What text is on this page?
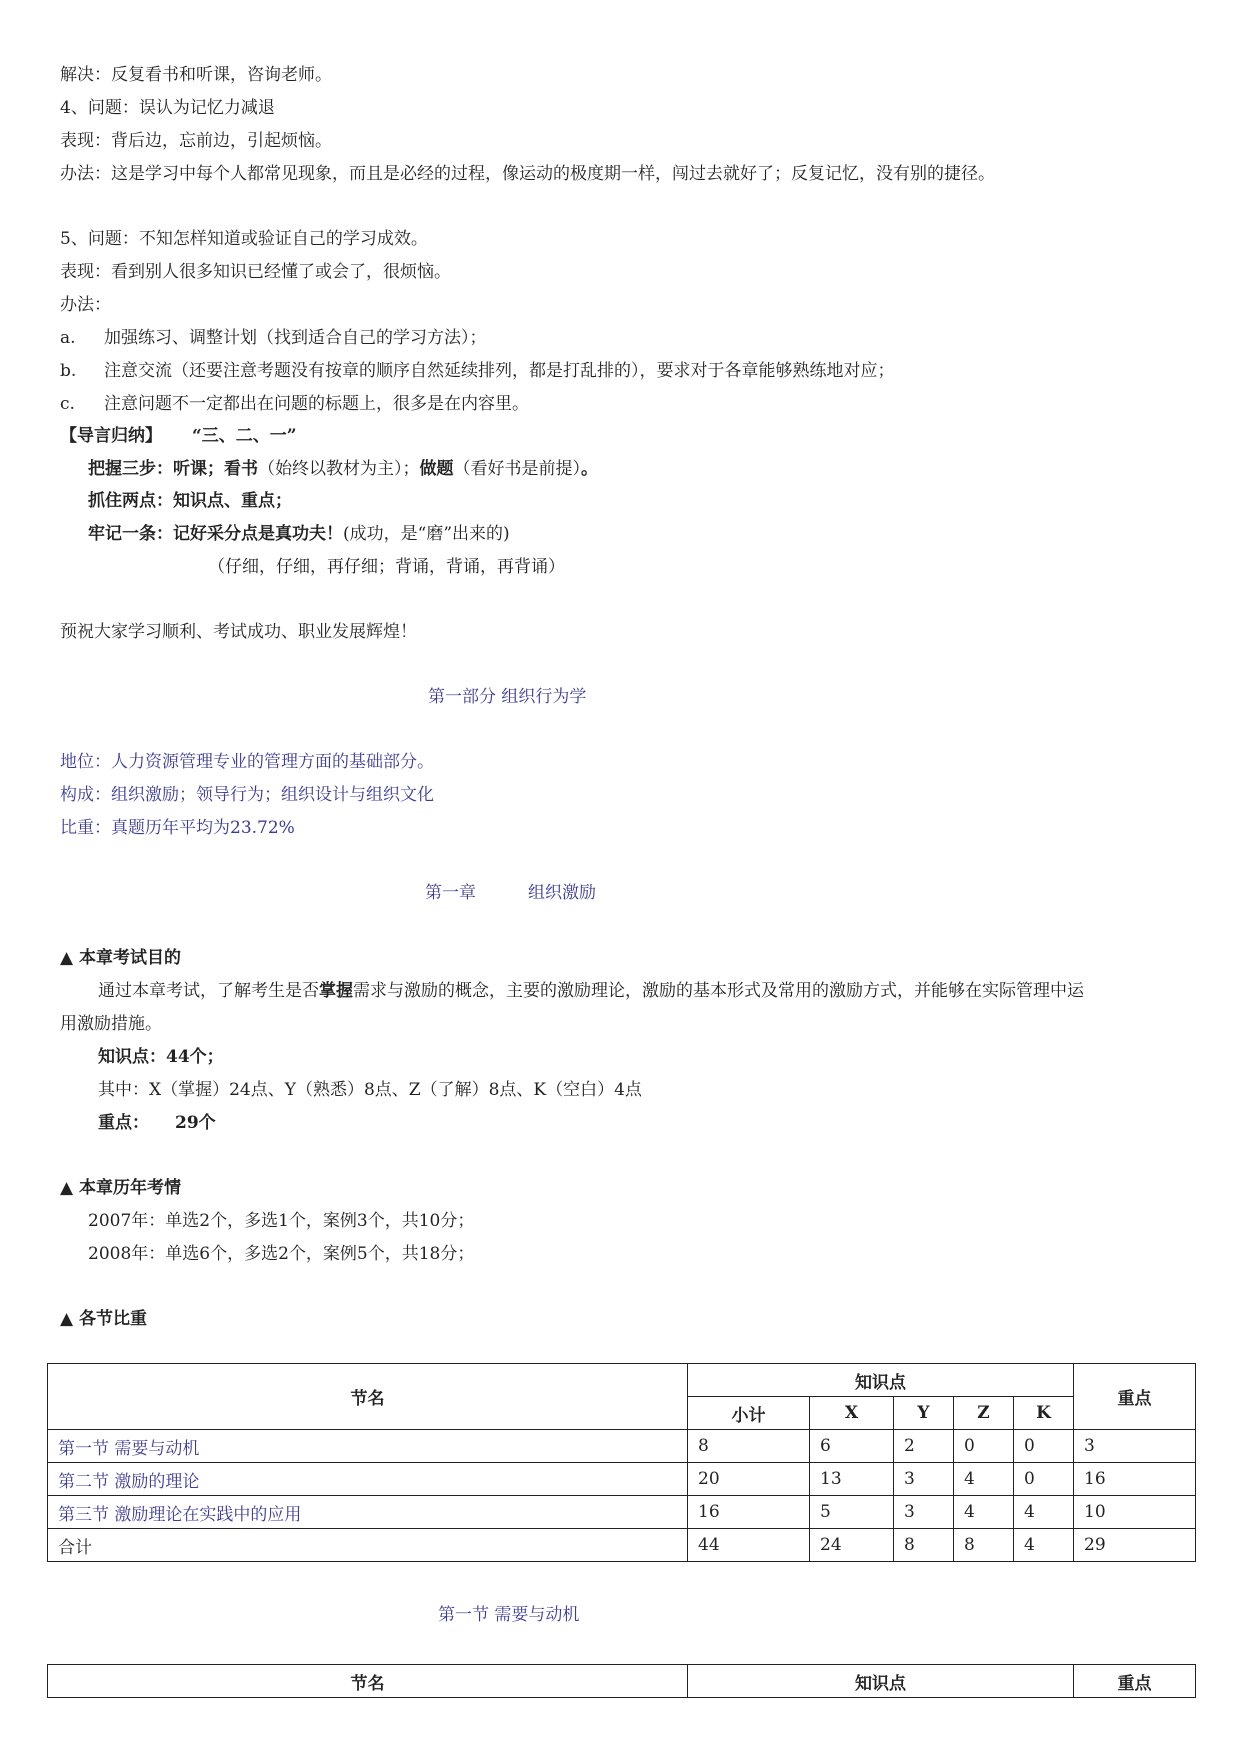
解决：反复看书和听课，咨询老师。
4、问题：误认为记忆力减退
表现：背后边，忘前边，引起烦恼。
办法：这是学习中每个人都常见现象，而且是必经的过程，像运动的极度期一样，闯过去就好了；反复记忆，没有别的捷径。
5、问题：不知怎样知道或验证自己的学习成效。
表现：看到别人很多知识已经懂了或会了，很烦恼。
办法：
a. 加强练习、调整计划（找到适合自己的学习方法）；
b. 注意交流（还要注意考题没有按章的顺序自然延续排列，都是打乱排的），要求对于各章能够熟练地对应；
c. 注意问题不一定都出在问题的标题上，很多是在内容里。
【导言归纳】 “三、二、一”
把握三步：听课；看书（始终以教材为主）；做题（看好书是前提）。
抓住两点：知识点、重点；
牢记一条：记好采分点是真功夫！(成功，是“磨”出来的)
（仔细，仔细，再仔细；背诵，背诵，再背诵）
预祝大家学习顺利、考试成功、职业发展辉煌！
第一部分 组织行为学
地位：人力资源管理专业的管理方面的基础部分。
构成：组织激励；领导行为；组织设计与组织文化
比重：真题历年平均为23.72%
第一章	组织激励
▲ 本章考试目的
通过本章考试，了解考生是否掌握需求与激励的概念，主要的激励理论，激励的基本形式及常用的激励方式，并能够在实际管理中运
用激励措施。
知识点：44个；
其中：X（掌握）24点、Y（熟悉）8点、Z（了解）8点、K（空白）4点
重点： 29个
▲ 本章历年考情
2007年：单选2个，多选1个，案例3个，共10分；
2008年：单选6个，多选2个，案例5个，共18分；
▲ 各节比重
节名	知识点					重点
	小计	X	Y	Z	K	
第一节 需要与动机	8	6	2	0	0	3
第二节 激励的理论	20	13	3	4	0	16
第三节 激励理论在实践中的应用	16	5	3	4	4	10
合计	44	24	8	8	4	29
第一节 需要与动机
节名	知识点	重点
